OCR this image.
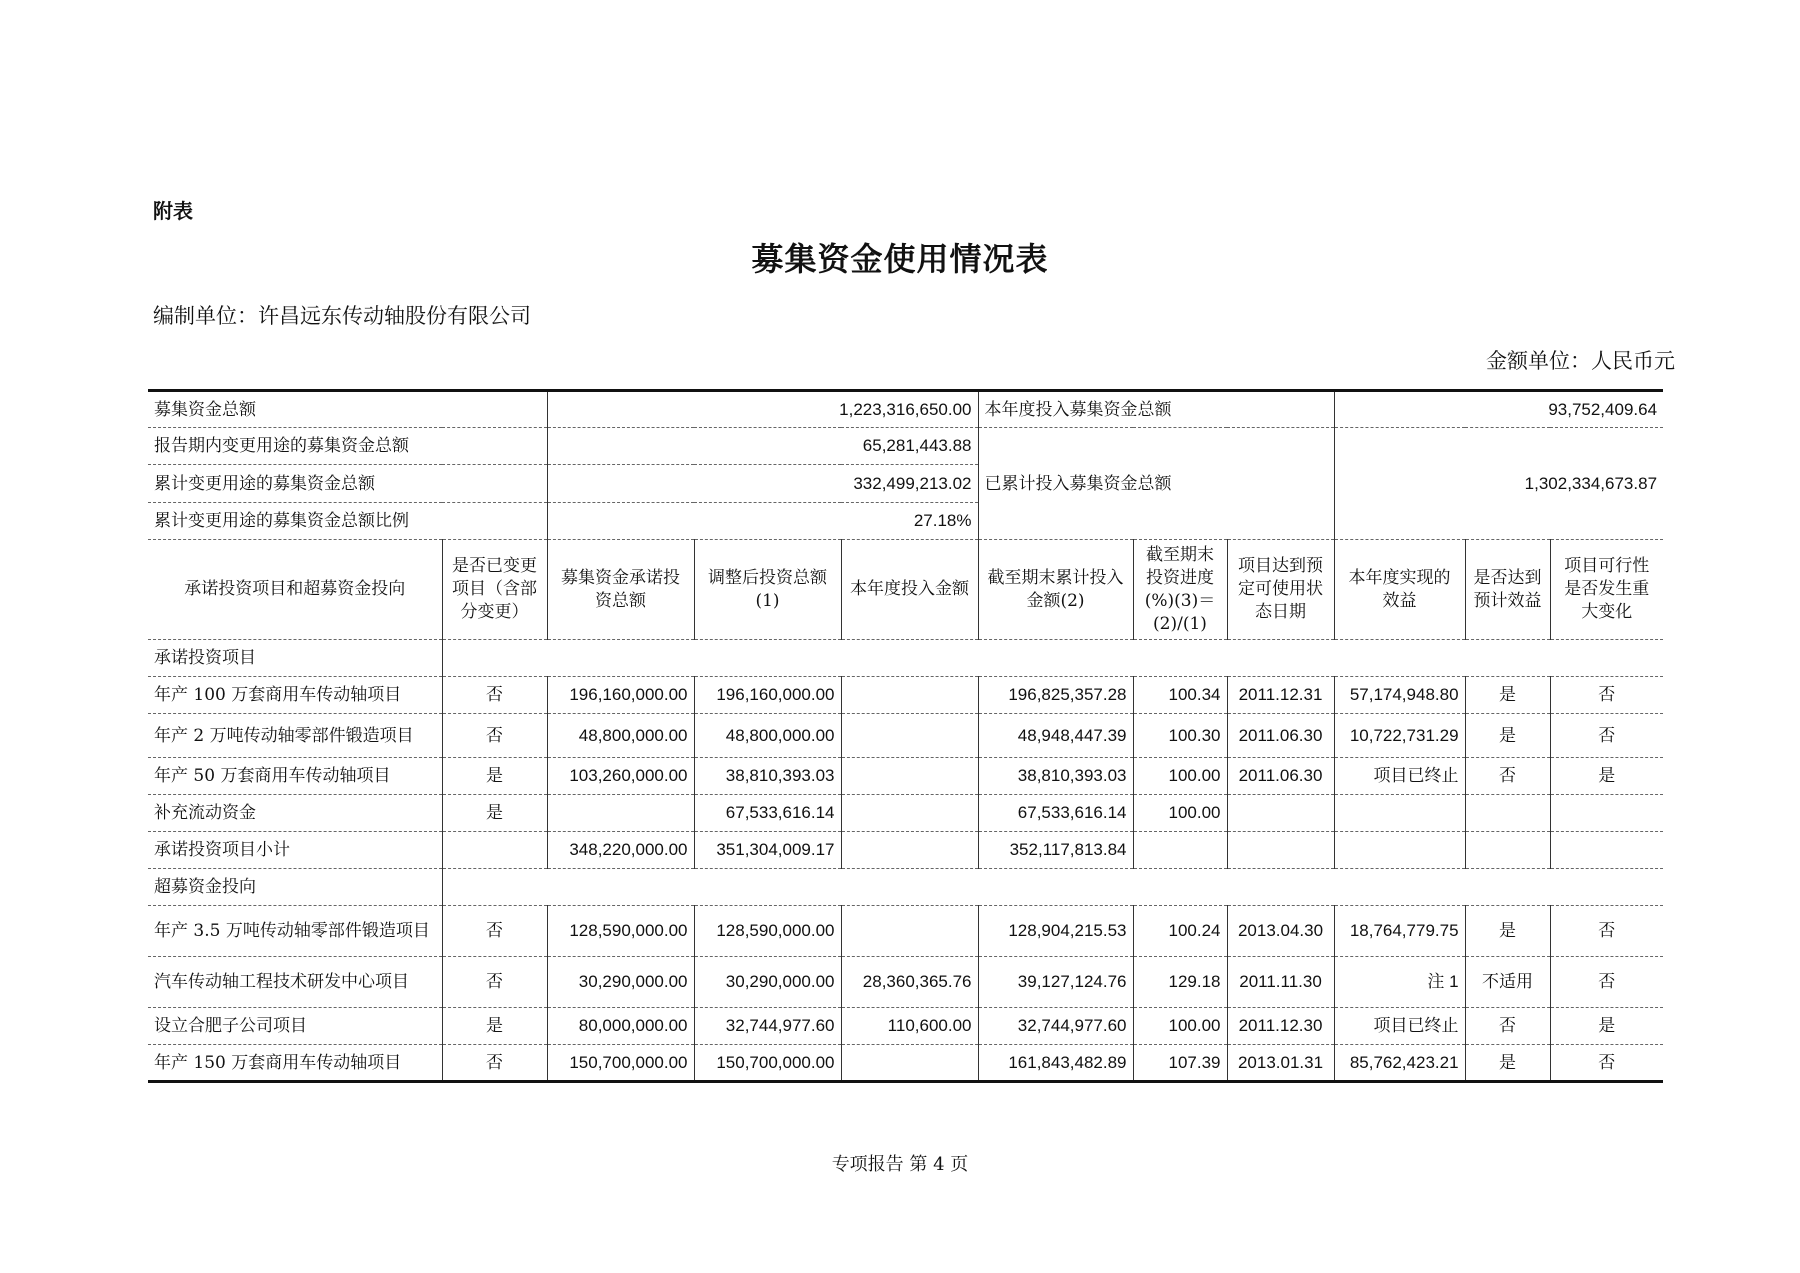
附表
募集资金使用情况表
编制单位：许昌远东传动轴股份有限公司
金额单位：人民币元
募集资金总额		1,223,316,650.00			本年度投入募集资金总额			93,752,409.64		
报告期内变更用途的募集资金总额		65,281,443.88			已累计投入募集资金总额			1,302,334,673.87		
累计变更用途的募集资金总额		332,499,213.02								
累计变更用途的募集资金总额比例		27.18%								
承诺投资项目和超募资金投向	是否已变更项目（含部分变更）	募集资金承诺投资总额	调整后投资总额(1)	本年度投入金额	截至期末累计投入金额(2)	截至期末投资进度(%)(3)＝(2)/(1)	项目达到预定可使用状态日期	本年度实现的效益	是否达到预计效益	项目可行性是否发生重大变化
承诺投资项目										
年产 100 万套商用车传动轴项目	否	196,160,000.00	196,160,000.00		196,825,357.28	100.34	2011.12.31	57,174,948.80	是	否
年产 2 万吨传动轴零部件锻造项目	否	48,800,000.00	48,800,000.00		48,948,447.39	100.30	2011.06.30	10,722,731.29	是	否
年产 50 万套商用车传动轴项目	是	103,260,000.00	38,810,393.03		38,810,393.03	100.00	2011.06.30	项目已终止	否	是
补充流动资金	是		67,533,616.14		67,533,616.14	100.00				
承诺投资项目小计		348,220,000.00	351,304,009.17		352,117,813.84					
超募资金投向										
年产 3.5 万吨传动轴零部件锻造项目	否	128,590,000.00	128,590,000.00		128,904,215.53	100.24	2013.04.30	18,764,779.75	是	否
汽车传动轴工程技术研发中心项目	否	30,290,000.00	30,290,000.00	28,360,365.76	39,127,124.76	129.18	2011.11.30	注 1	不适用	否
设立合肥子公司项目	是	80,000,000.00	32,744,977.60	110,600.00	32,744,977.60	100.00	2011.12.30	项目已终止	否	是
年产 150 万套商用车传动轴项目	否	150,700,000.00	150,700,000.00		161,843,482.89	107.39	2013.01.31	85,762,423.21	是	否
专项报告 第 4 页
